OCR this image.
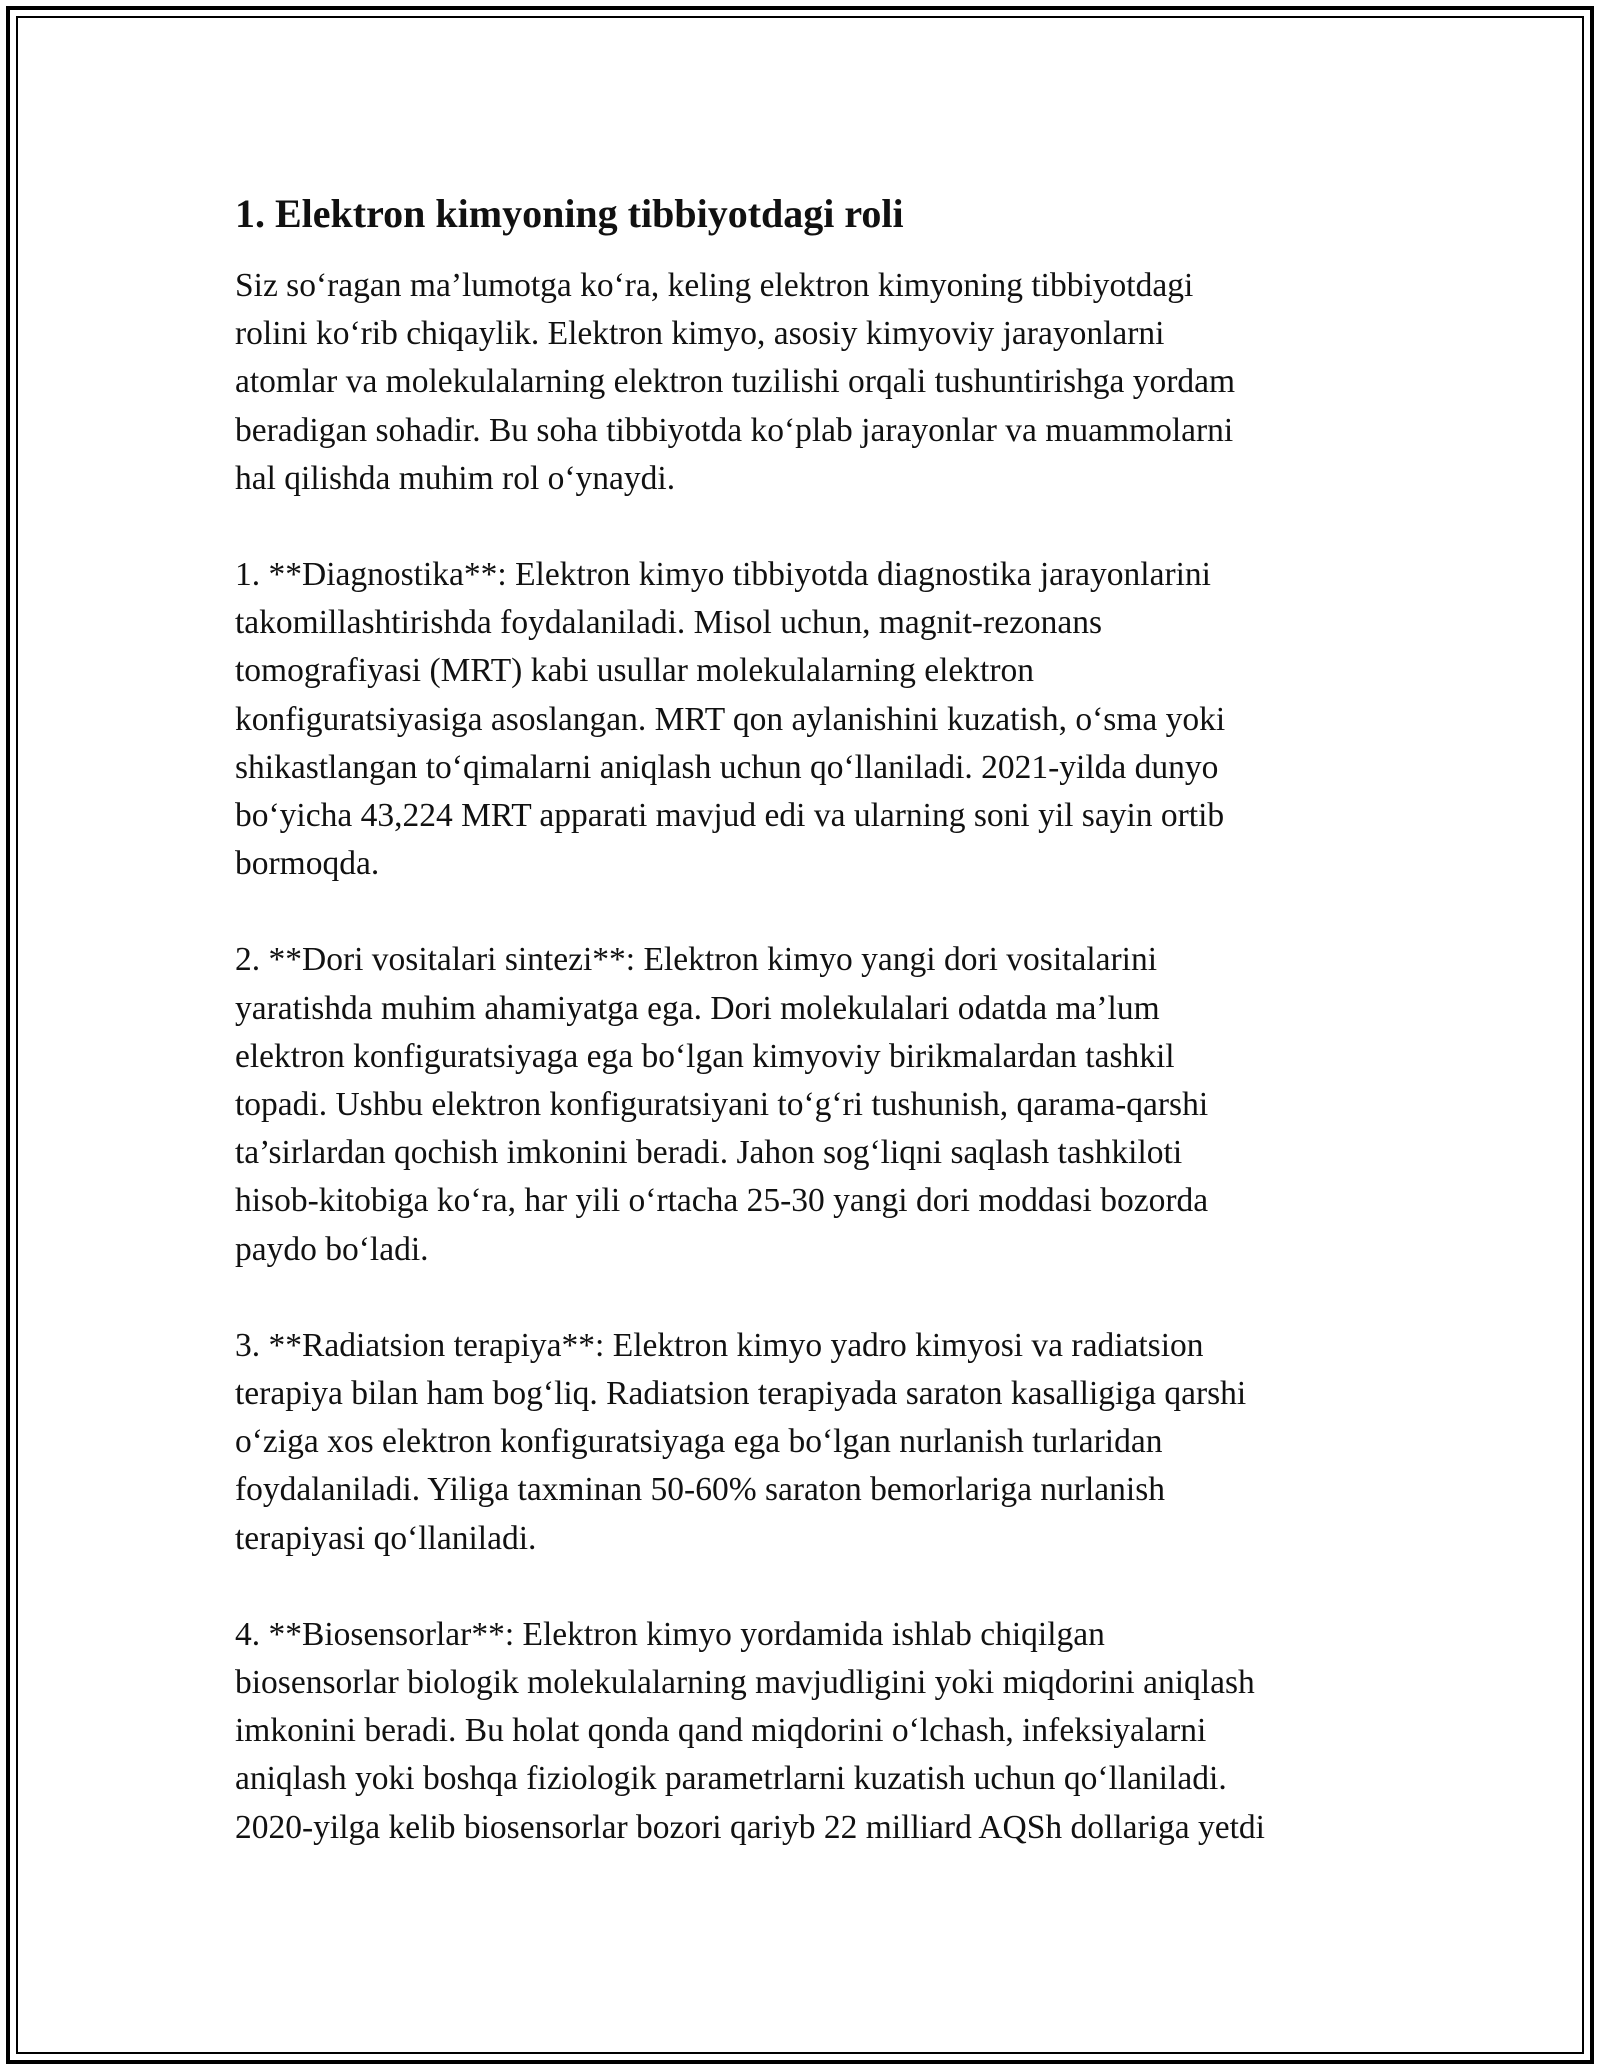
1. Elektron kimyoning tibbiyotdagi roli
Siz so‘ragan ma’lumotga ko‘ra, keling elektron kimyoning tibbiyotdagi
rolini ko‘rib chiqaylik. Elektron kimyo, asosiy kimyoviy jarayonlarni
atomlar va molekulalarning elektron tuzilishi orqali tushuntirishga yordam
beradigan sohadir. Bu soha tibbiyotda ko‘plab jarayonlar va muammolarni
hal qilishda muhim rol o‘ynaydi.
1. **Diagnostika**: Elektron kimyo tibbiyotda diagnostika jarayonlarini
takomillashtirishda foydalaniladi. Misol uchun, magnit-rezonans
tomografiyasi (MRT) kabi usullar molekulalarning elektron
konfiguratsiyasiga asoslangan. MRT qon aylanishini kuzatish, o‘sma yoki
shikastlangan to‘qimalarni aniqlash uchun qo‘llaniladi. 2021-yilda dunyo
bo‘yicha 43,224 MRT apparati mavjud edi va ularning soni yil sayin ortib
bormoqda.
2. **Dori vositalari sintezi**: Elektron kimyo yangi dori vositalarini
yaratishda muhim ahamiyatga ega. Dori molekulalari odatda ma’lum
elektron konfiguratsiyaga ega bo‘lgan kimyoviy birikmalardan tashkil
topadi. Ushbu elektron konfiguratsiyani to‘g‘ri tushunish, qarama-qarshi
ta’sirlardan qochish imkonini beradi. Jahon sog‘liqni saqlash tashkiloti
hisob-kitobiga ko‘ra, har yili o‘rtacha 25-30 yangi dori moddasi bozorda
paydo bo‘ladi.
3. **Radiatsion terapiya**: Elektron kimyo yadro kimyosi va radiatsion
terapiya bilan ham bog‘liq. Radiatsion terapiyada saraton kasalligiga qarshi
o‘ziga xos elektron konfiguratsiyaga ega bo‘lgan nurlanish turlaridan
foydalaniladi. Yiliga taxminan 50-60% saraton bemorlariga nurlanish
terapiyasi qo‘llaniladi.
4. **Biosensorlar**: Elektron kimyo yordamida ishlab chiqilgan
biosensorlar biologik molekulalarning mavjudligini yoki miqdorini aniqlash
imkonini beradi. Bu holat qonda qand miqdorini o‘lchash, infeksiyalarni
aniqlash yoki boshqa fiziologik parametrlarni kuzatish uchun qo‘llaniladi.
2020-yilga kelib biosensorlar bozori qariyb 22 milliard AQSh dollariga yetdi
